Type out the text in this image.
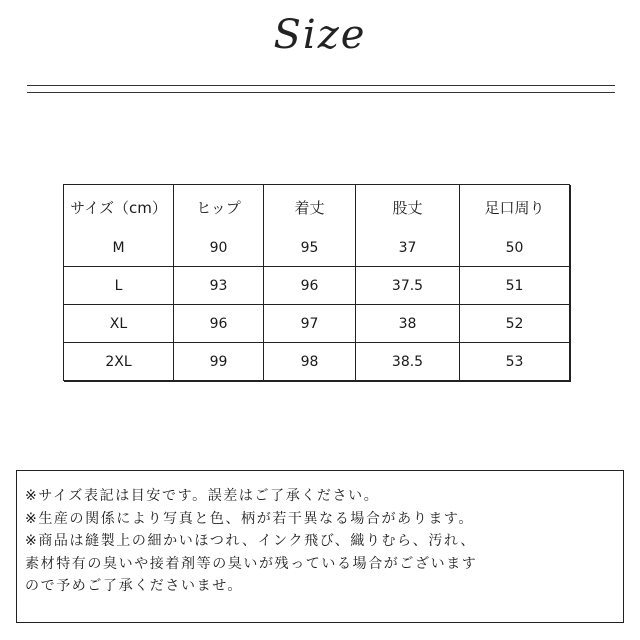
Size
サイズ（cm）	ヒップ	着丈	股丈	足口周り
M	90	95	37	50
L	93	96	37.5	51
XL	96	97	38	52
2XL	99	98	38.5	53
※サイズ表記は目安です。誤差はご了承ください。
※生産の関係により写真と色、柄が若干異なる場合があります。
※商品は縫製上の細かいほつれ、インク飛び、織りむら、汚れ、
素材特有の臭いや接着剤等の臭いが残っている場合がございます
ので予めご了承くださいませ。
